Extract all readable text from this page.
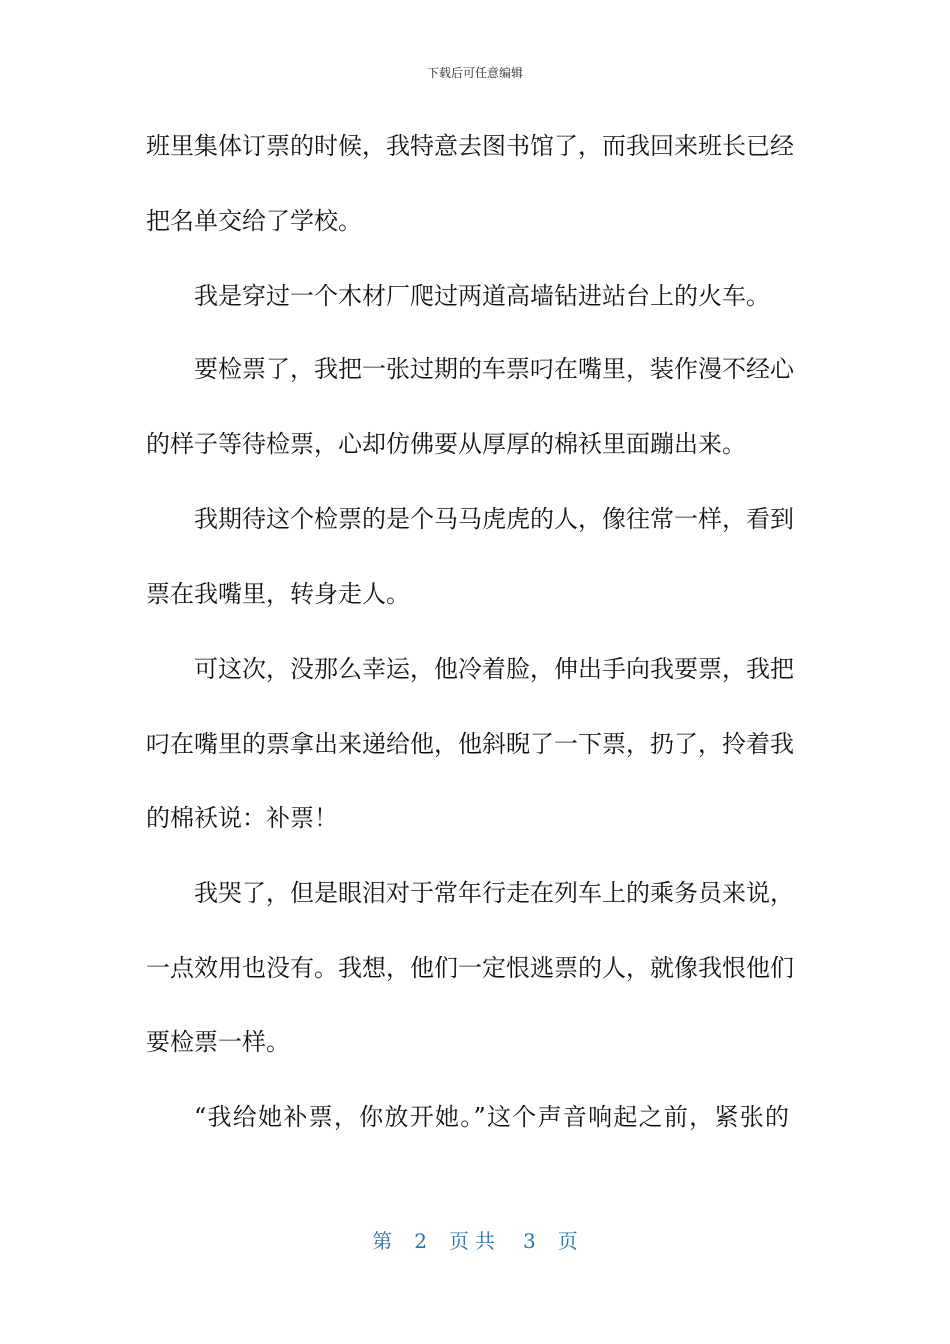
下载后可任意编辑
班里集体订票的时候，我特意去图书馆了，而我回来班长已经
把名单交给了学校。
我是穿过一个木材厂爬过两道高墙钻进站台上的火车。
要检票了，我把一张过期的车票叼在嘴里，装作漫不经心
的样子等待检票，心却仿佛要从厚厚的棉袄里面蹦出来。
我期待这个检票的是个马马虎虎的人，像往常一样，看到
票在我嘴里，转身走人。
可这次，没那么幸运，他冷着脸，伸出手向我要票，我把
叼在嘴里的票拿出来递给他，他斜睨了一下票，扔了，拎着我
的棉袄说：补票！
我哭了，但是眼泪对于常年行走在列车上的乘务员来说，
一点效用也没有。我想，他们一定恨逃票的人，就像我恨他们
要检票一样。
“我给她补票，你放开她。”这个声音响起之前，紧张的
第 2 页共 3 页
